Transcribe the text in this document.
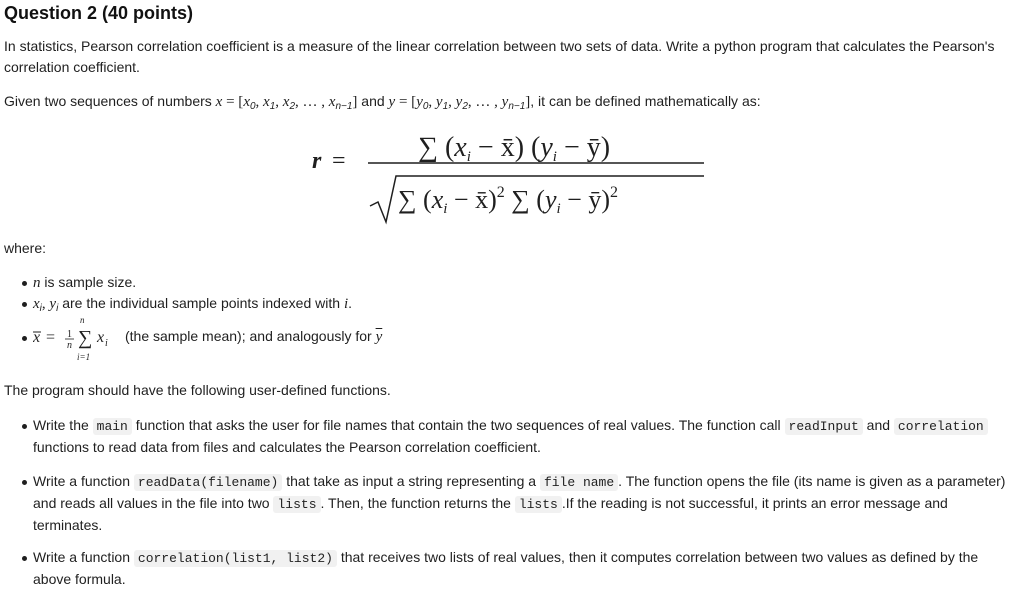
Question 2 (40 points)

In statistics, Pearson correlation coefficient is a measure of the linear correlation between two sets of data. Write a python program that calculates the Pearson's correlation coefficient.

Given two sequences of numbers $x = [x_0$, $x_1$, $x_2$, … , $x_{n-1}$] and $y = [y_0$, $y_1$, $y_2$, … , $y_{n-1}$], it can be defined mathematically as:

r =	∑ (xi − x̄) (yi − ȳ)
∑ (xi − x̄)$^2$ ∑ (yi − ȳ)$^2$

where:

n is sample size.
$x_i$, $y_i$ are the individual sample points indexed with i.
x = 1
n
n
∑
i=1
x i (the sample mean); and analogously for $\overline{y}$

The program should have the following user-defined functions.

Write the main function that asks the user for file names that contain the two sequences of real values. The function call readInput and correlation functions to read data from files and calculates the Pearson correlation coefficient.

Write a function readData(filename) that take as input a string representing a file name . The function opens the file (its name is given as a parameter) and reads all values in the file into two lists . Then, the function returns the lists .If the reading is not successful, it prints an error message and terminates.

Write a function correlation(list1, list2) that receives two lists of real values, then it computes correlation between two values as defined by the above formula.
